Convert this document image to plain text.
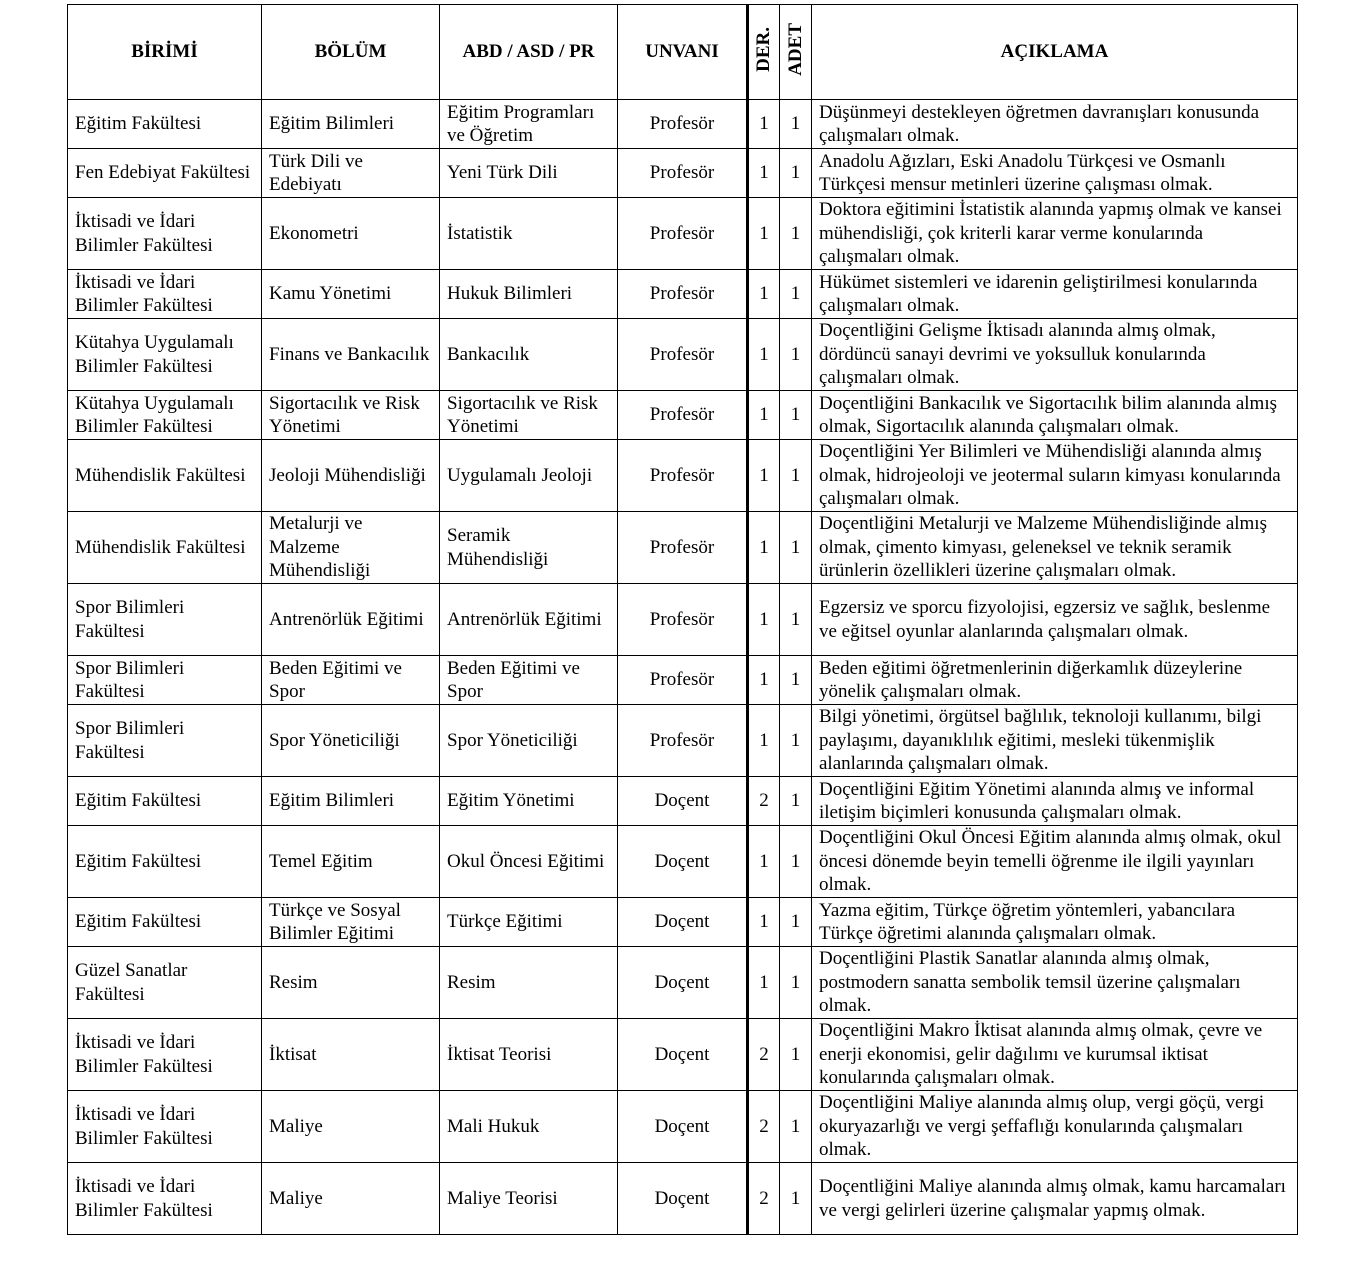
BİRİMİ	BÖLÜM	ABD / ASD / PR	UNVANI	DER.	ADET	AÇIKLAMA
Eğitim Fakültesi	Eğitim Bilimleri	Eğitim Programları ve Öğretim	Profesör	1	1	Düşünmeyi destekleyen öğretmen davranışları konusunda çalışmaları olmak.
Fen Edebiyat Fakültesi	Türk Dili ve Edebiyatı	Yeni Türk Dili	Profesör	1	1	Anadolu Ağızları, Eski Anadolu Türkçesi ve Osmanlı Türkçesi mensur metinleri üzerine çalışması olmak.
İktisadi ve İdari Bilimler Fakültesi	Ekonometri	İstatistik	Profesör	1	1	Doktora eğitimini İstatistik alanında yapmış olmak ve kansei mühendisliği, çok kriterli karar verme konularında çalışmaları olmak.
İktisadi ve İdari Bilimler Fakültesi	Kamu Yönetimi	Hukuk Bilimleri	Profesör	1	1	Hükümet sistemleri ve idarenin geliştirilmesi konularında çalışmaları olmak.
Kütahya Uygulamalı Bilimler Fakültesi	Finans ve Bankacılık	Bankacılık	Profesör	1	1	Doçentliğini Gelişme İktisadı alanında almış olmak, dördüncü sanayi devrimi ve yoksulluk konularında çalışmaları olmak.
Kütahya Uygulamalı Bilimler Fakültesi	Sigortacılık ve Risk Yönetimi	Sigortacılık ve Risk Yönetimi	Profesör	1	1	Doçentliğini Bankacılık ve Sigortacılık bilim alanında almış olmak, Sigortacılık alanında çalışmaları olmak.
Mühendislik Fakültesi	Jeoloji Mühendisliği	Uygulamalı Jeoloji	Profesör	1	1	Doçentliğini Yer Bilimleri ve Mühendisliği alanında almış olmak, hidrojeoloji ve jeotermal suların kimyası konularında çalışmaları olmak.
Mühendislik Fakültesi	Metalurji ve Malzeme Mühendisliği	Seramik Mühendisliği	Profesör	1	1	Doçentliğini Metalurji ve Malzeme Mühendisliğinde almış olmak, çimento kimyası, geleneksel ve teknik seramik ürünlerin özellikleri üzerine çalışmaları olmak.
Spor Bilimleri Fakültesi	Antrenörlük Eğitimi	Antrenörlük Eğitimi	Profesör	1	1	Egzersiz ve sporcu fizyolojisi, egzersiz ve sağlık, beslenme ve eğitsel oyunlar alanlarında çalışmaları olmak.
Spor Bilimleri Fakültesi	Beden Eğitimi ve Spor	Beden Eğitimi ve Spor	Profesör	1	1	Beden eğitimi öğretmenlerinin diğerkamlık düzeylerine yönelik çalışmaları olmak.
Spor Bilimleri Fakültesi	Spor Yöneticiliği	Spor Yöneticiliği	Profesör	1	1	Bilgi yönetimi, örgütsel bağlılık, teknoloji kullanımı, bilgi paylaşımı, dayanıklılık eğitimi, mesleki tükenmişlik alanlarında çalışmaları olmak.
Eğitim Fakültesi	Eğitim Bilimleri	Eğitim Yönetimi	Doçent	2	1	Doçentliğini Eğitim Yönetimi alanında almış ve informal iletişim biçimleri konusunda çalışmaları olmak.
Eğitim Fakültesi	Temel Eğitim	Okul Öncesi Eğitimi	Doçent	1	1	Doçentliğini Okul Öncesi Eğitim alanında almış olmak, okul öncesi dönemde beyin temelli öğrenme ile ilgili yayınları olmak.
Eğitim Fakültesi	Türkçe ve Sosyal Bilimler Eğitimi	Türkçe Eğitimi	Doçent	1	1	Yazma eğitim, Türkçe öğretim yöntemleri, yabancılara Türkçe öğretimi alanında çalışmaları olmak.
Güzel Sanatlar Fakültesi	Resim	Resim	Doçent	1	1	Doçentliğini Plastik Sanatlar alanında almış olmak, postmodern sanatta sembolik temsil üzerine çalışmaları olmak.
İktisadi ve İdari Bilimler Fakültesi	İktisat	İktisat Teorisi	Doçent	2	1	Doçentliğini Makro İktisat alanında almış olmak, çevre ve enerji ekonomisi, gelir dağılımı ve kurumsal iktisat konularında çalışmaları olmak.
İktisadi ve İdari Bilimler Fakültesi	Maliye	Mali Hukuk	Doçent	2	1	Doçentliğini Maliye alanında almış olup, vergi göçü, vergi okuryazarlığı ve vergi şeffaflığı konularında çalışmaları olmak.
İktisadi ve İdari Bilimler Fakültesi	Maliye	Maliye Teorisi	Doçent	2	1	Doçentliğini Maliye alanında almış olmak, kamu harcamaları ve vergi gelirleri üzerine çalışmalar yapmış olmak.
